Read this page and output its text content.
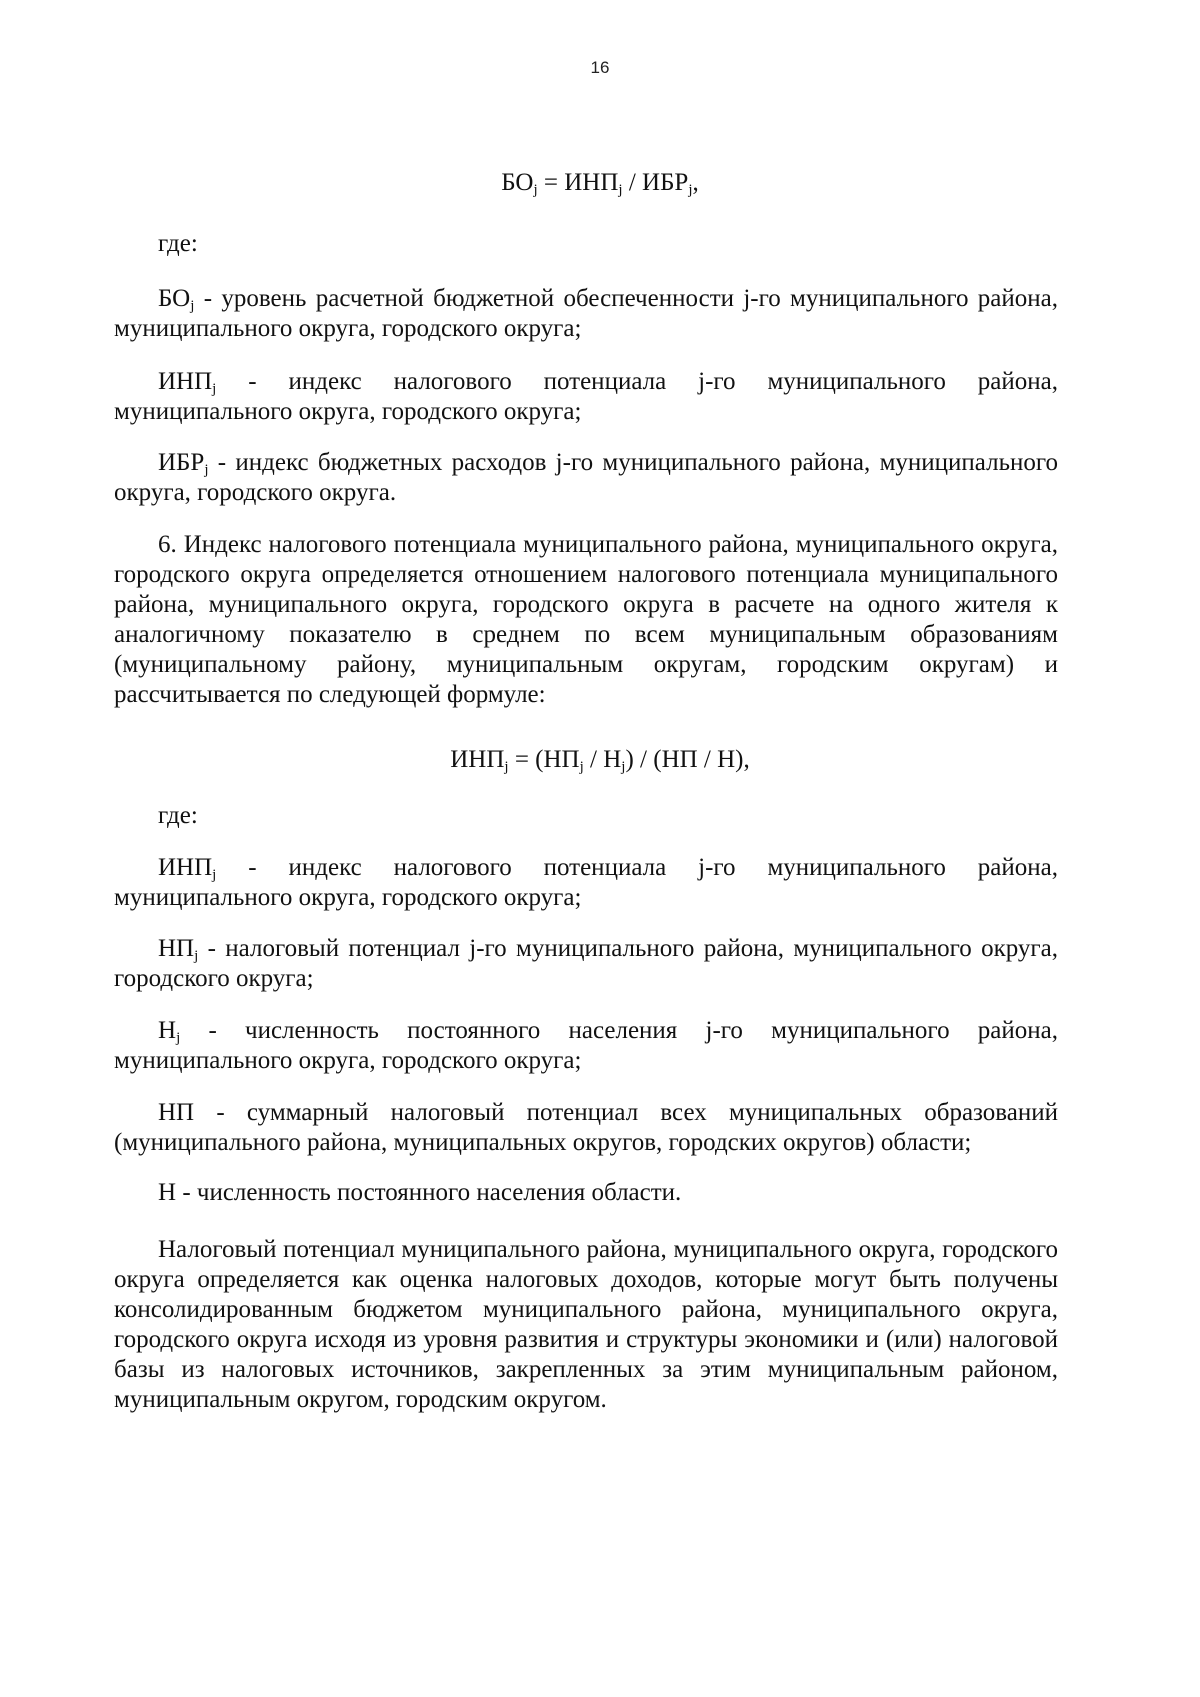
16
$БО_j = ИНП_j / ИБР_j$,
где:

$БО_j$ - уровень расчетной бюджетной обеспеченности j-го муниципального района, муниципального округа, городского округа;

$ИНП_j$ - индекс налогового потенциала j-го муниципального района, муниципального округа, городского округа;

$ИБР_j$ - индекс бюджетных расходов j-го муниципального района, муниципального округа, городского округа.

6. Индекс налогового потенциала муниципального района, муниципального округа, городского округа определяется отношением налогового потенциала муниципального района, муниципального округа, городского округа в расчете на одного жителя к аналогичному показателю в среднем по всем муниципальным образованиям (муниципальному району, муниципальным округам, городским округам) и рассчитывается по следующей формуле:

$ИНП_j = (НП_j / Н_j) / (НП / Н)$,
где:

$ИНП_j$ - индекс налогового потенциала j-го муниципального района, муниципального округа, городского округа;

$НП_j$ - налоговый потенциал j-го муниципального района, муниципального округа, городского округа;

$Н_j$ - численность постоянного населения j-го муниципального района, муниципального округа, городского округа;

НП - суммарный налоговый потенциал всех муниципальных образований (муниципального района, муниципальных округов, городских округов) области;

Н - численность постоянного населения области.

Налоговый потенциал муниципального района, муниципального округа, городского округа определяется как оценка налоговых доходов, которые могут быть получены консолидированным бюджетом муниципального района, муниципального округа, городского округа исходя из уровня развития и структуры экономики и (или) налоговой базы из налоговых источников, закрепленных за этим муниципальным районом, муниципальным округом, городским округом.
